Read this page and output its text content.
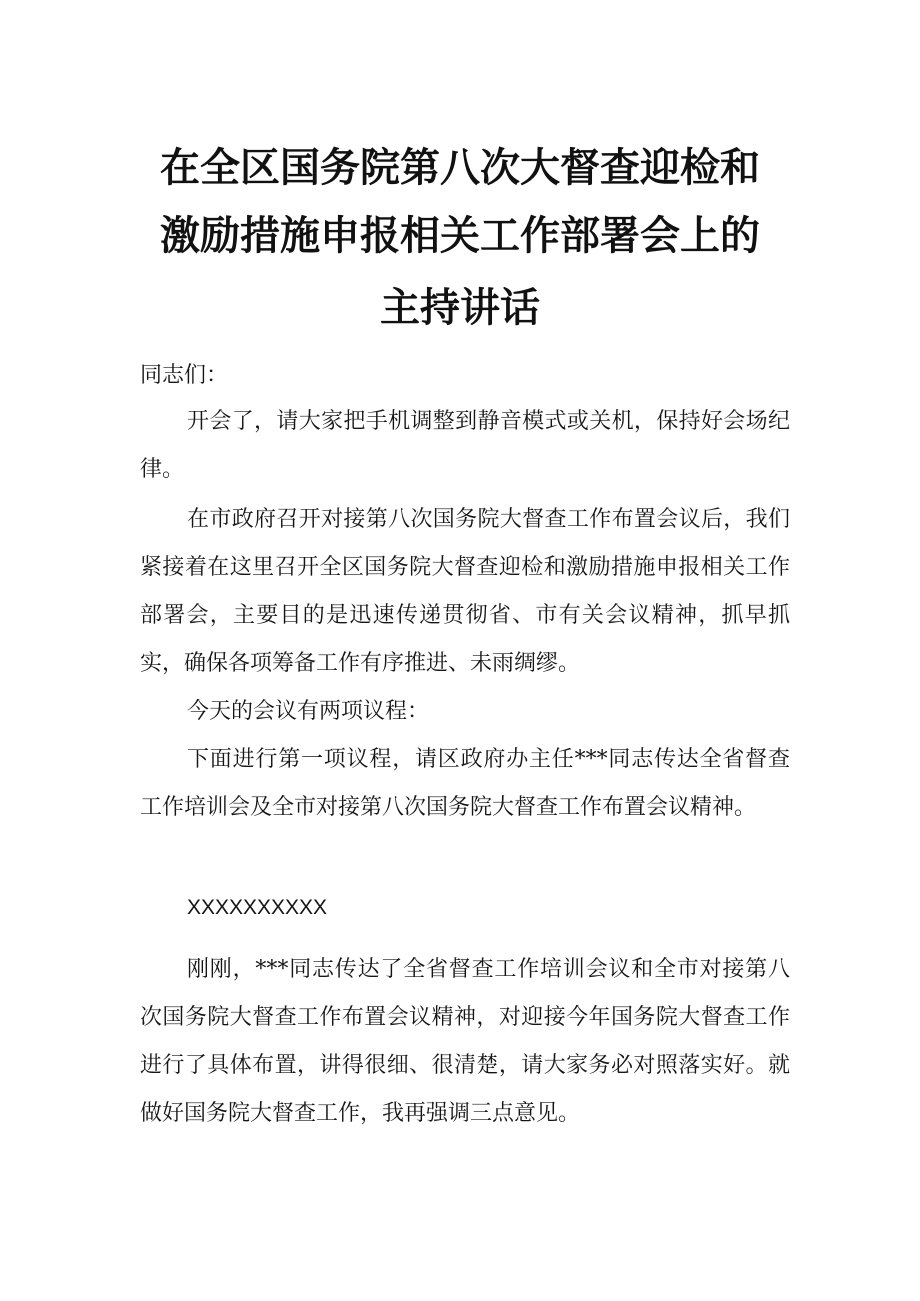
在全区国务院第八次大督查迎检和
激励措施申报相关工作部署会上的
主持讲话

同志们：

开会了，请大家把手机调整到静音模式或关机，保持好会场纪律。

在市政府召开对接第八次国务院大督查工作布置会议后，我们紧接着在这里召开全区国务院大督查迎检和激励措施申报相关工作部署会，主要目的是迅速传递贯彻省、市有关会议精神，抓早抓实，确保各项筹备工作有序推进、未雨绸缪。

今天的会议有两项议程：

下面进行第一项议程，请区政府办主任***同志传达全省督查工作培训会及全市对接第八次国务院大督查工作布置会议精神。

XXXXXXXXXX

刚刚，***同志传达了全省督查工作培训会议和全市对接第八次国务院大督查工作布置会议精神，对迎接今年国务院大督查工作进行了具体布置，讲得很细、很清楚，请大家务必对照落实好。就做好国务院大督查工作，我再强调三点意见。
